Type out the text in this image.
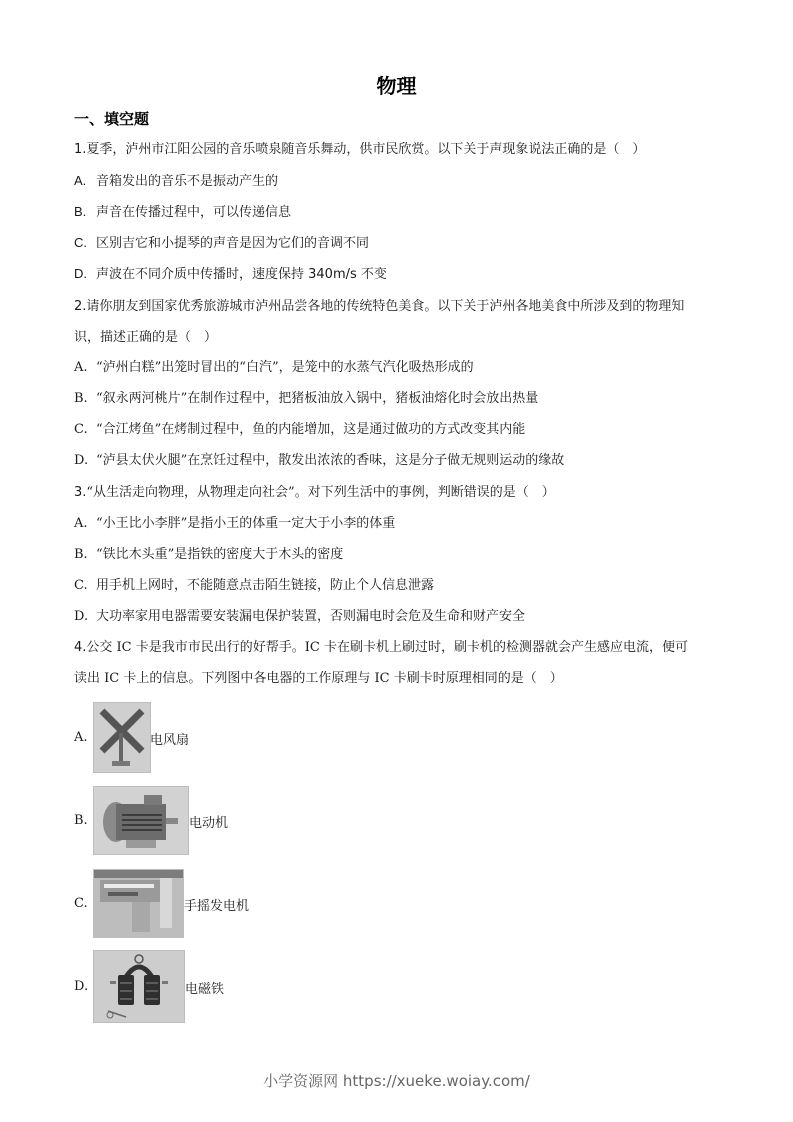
物理
一、填空题
1.夏季，泸州市江阳公园的音乐喷泉随音乐舞动，供市民欣赏。以下关于声现象说法正确的是（　）
A. 音箱发出的音乐不是振动产生的
B. 声音在传播过程中，可以传递信息
C. 区别吉它和小提琴的声音是因为它们的音调不同
D. 声波在不同介质中传播时，速度保持 340m/s 不变
2.请你朋友到国家优秀旅游城市泸州品尝各地的传统特色美食。以下关于泸州各地美食中所涉及到的物理知
识，描述正确的是（　）
A. “泸州白糕”出笼时冒出的“白汽”，是笼中的水蒸气汽化吸热形成的
B. “叙永两河桃片”在制作过程中，把猪板油放入锅中，猪板油熔化时会放出热量
C. “合江烤鱼”在烤制过程中，鱼的内能增加，这是通过做功的方式改变其内能
D. “泸县太伏火腿”在烹饪过程中，散发出浓浓的香味，这是分子做无规则运动的缘故
3.“从生活走向物理，从物理走向社会”。对下列生活中的事例，判断错误的是（　）
A. “小王比小李胖”是指小王的体重一定大于小李的体重
B. “铁比木头重”是指铁的密度大于木头的密度
C. 用手机上网时，不能随意点击陌生链接，防止个人信息泄露
D. 大功率家用电器需要安装漏电保护装置，否则漏电时会危及生命和财产安全
4.公交 IC 卡是我市市民出行的好帮手。IC 卡在刷卡机上刷过时，刷卡机的检测器就会产生感应电流，便可
读出 IC 卡上的信息。下列图中各电器的工作原理与 IC 卡刷卡时原理相同的是（　）
A.	电风扇
B.	电动机
C.	手摇发电机
D.	电磁铁
小学资源网 https://xueke.woiay.com/
